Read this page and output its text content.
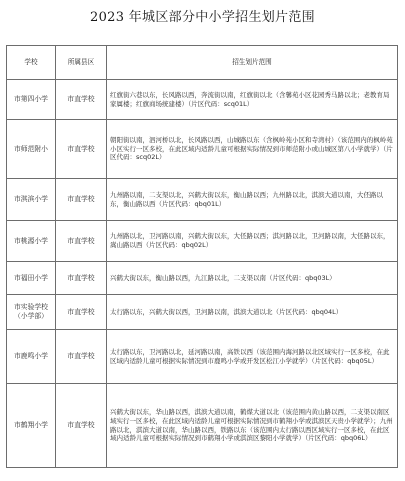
2023 年城区部分中小学招生划片范围
学校	所属县区	招生划片范围
市第四小学	市直学校	红旗街六巷以东，长风路以西，奔流街以南，红旗街以北（含馨苑小区花园秀马路以北；老教育局家属楼；红旗商场统建楼）（片区代码：scq01L）
市师范附小	市直学校	朝阳街以南，泗河桥以北，长风路以西，山城路以东（含枫岭苑小区和寺湾村）（该范围内的枫岭苑小区实行一区多校，在此区域内适龄儿童可根据实际情况到市师范附小或山城区第八小学就学）（片区代码：scq02L）
市淇滨小学	市直学校	九州路以南，二支渠以北，兴鹤大街以东，衡山路以西；九州路以北，淇滨大道以南，大伾路以东，衡山路以西（片区代码：qbq01L）
市桃源小学	市直学校	九州路以北，卫河路以南，兴鹤大街以东，大伾路以西；淇河路以北，卫河路以南，大伾路以东，嵩山路以西（片区代码：qbq02L）
市福田小学	市直学校	兴鹤大街以东，衡山路以西，九江路以北，二支渠以南（片区代码：qbq03L）
市实验学校（小学部）	市直学校	太行路以东，兴鹤大街以西，卫河路以南，淇滨大道以北（片区代码：qbq04L）
市鹿鸣小学	市直学校	太行路以东，卫河路以北，延河路以南，高铁以西（该范围内海河路以北区域实行一区多校，在此区域内适龄儿童可根据实际情况到市鹿鸣小学或开发区松江小学就学）（片区代码：qbq05L）
市鹤翔小学	市直学校	兴鹤大街以东，华山路以西，淇滨大道以南，鹤煤大道以北（该范围内黄山路以西，二支渠以南区域实行一区多校，在此区域内适龄儿童可根据实际情况到市鹤翔小学或淇滨区天贵小学就学）；九州路以北，淇滨大道以南，华山路以西，铁路以东（该范围内太行路以西区域实行一区多校，在此区域内适龄儿童可根据实际情况到市鹤翔小学或淇滨区黎阳小学就学）（片区代码：qbq06L）
